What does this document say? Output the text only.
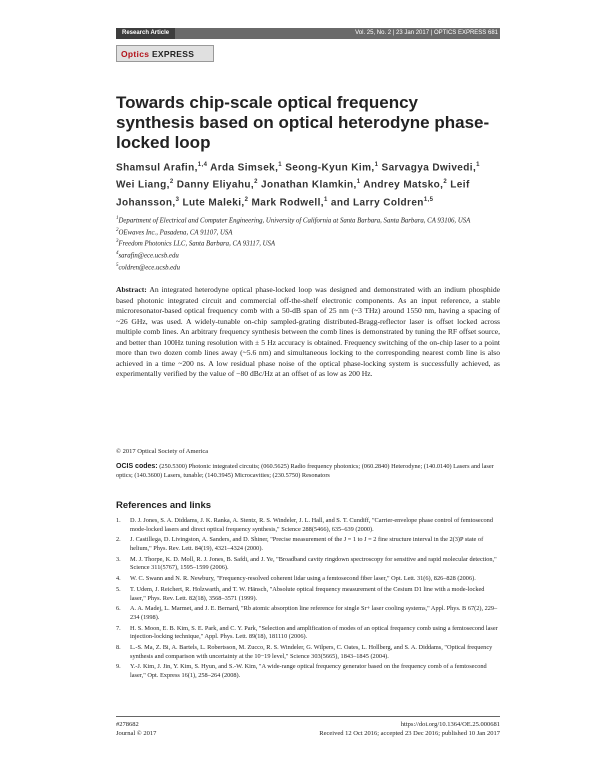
Research Article	Vol. 25, No. 2 | 23 Jan 2017 | OPTICS EXPRESS 681
Optics EXPRESS
Towards chip-scale optical frequency synthesis based on optical heterodyne phase-locked loop
Shamsul Arafin,$^{1,4}$ Arda Simsek,$^1$ Seong-Kyun Kim,$^1$ Sarvagya Dwivedi,$^1$ Wei Liang,$^2$ Danny Eliyahu,$^2$ Jonathan Klamkin,$^1$ Andrey Matsko,$^2$ Leif Johansson,$^3$ Lute Maleki,$^2$ Mark Rodwell,$^1$ and Larry Coldren$^{1,5}$
$^1$Department of Electrical and Computer Engineering, University of California at Santa Barbara, Santa Barbara, CA 93106, USA
$^2$OEwaves Inc., Pasadena, CA 91107, USA
$^3$Freedom Photonics LLC, Santa Barbara, CA 93117, USA
$^4$sarafin@ece.ucsb.edu
$^5$coldren@ece.ucsb.edu
Abstract: An integrated heterodyne optical phase-locked loop was designed and demonstrated with an indium phosphide based photonic integrated circuit and commercial off-the-shelf electronic components. As an input reference, a stable microresonator-based optical frequency comb with a 50-dB span of 25 nm (~3 THz) around 1550 nm, having a spacing of ~26 GHz, was used. A widely-tunable on-chip sampled-grating distributed-Bragg-reflector laser is offset locked across multiple comb lines. An arbitrary frequency synthesis between the comb lines is demonstrated by tuning the RF offset source, and better than 100Hz tuning resolution with ± 5 Hz accuracy is obtained. Frequency switching of the on-chip laser to a point more than two dozen comb lines away (~5.6 nm) and simultaneous locking to the corresponding nearest comb line is also achieved in a time ~200 ns. A low residual phase noise of the optical phase-locking system is successfully achieved, as experimentally verified by the value of −80 dBc/Hz at an offset of as low as 200 Hz.
© 2017 Optical Society of America
OCIS codes: (250.5300) Photonic integrated circuits; (060.5625) Radio frequency photonics; (060.2840) Heterodyne; (140.0140) Lasers and laser optics; (140.3600) Lasers, tunable; (140.3945) Microcavities; (230.5750) Resonators
References and links
1.	D. J. Jones, S. A. Diddams, J. K. Ranka, A. Stentz, R. S. Windeler, J. L. Hall, and S. T. Cundiff, "Carrier-envelope phase control of femtosecond mode-locked lasers and direct optical frequency synthesis," Science 288(5466), 635–639 (2000).
2.	J. Castillega, D. Livingston, A. Sanders, and D. Shiner, "Precise measurement of the J = 1 to J = 2 fine structure interval in the 2(3)P state of helium," Phys. Rev. Lett. 84(19), 4321–4324 (2000).
3.	M. J. Thorpe, K. D. Moll, R. J. Jones, B. Safdi, and J. Ye, "Broadband cavity ringdown spectroscopy for sensitive and rapid molecular detection," Science 311(5767), 1595–1599 (2006).
4.	W. C. Swann and N. R. Newbury, "Frequency-resolved coherent lidar using a femtosecond fiber laser," Opt. Lett. 31(6), 826–828 (2006).
5.	T. Udem, J. Reichert, R. Holzwarth, and T. W. Hänsch, "Absolute optical frequency measurement of the Cesium D1 line with a mode-locked laser," Phys. Rev. Lett. 82(18), 3568–3571 (1999).
6.	A. A. Madej, L. Marmet, and J. E. Bernard, "Rb atomic absorption line reference for single Sr+ laser cooling systems," Appl. Phys. B 67(2), 229–234 (1998).
7.	H. S. Moon, E. B. Kim, S. E. Park, and C. Y. Park, "Selection and amplification of modes of an optical frequency comb using a femtosecond laser injection-locking technique," Appl. Phys. Lett. 89(18), 181110 (2006).
8.	L.-S. Ma, Z. Bi, A. Bartels, L. Robertsson, M. Zucco, R. S. Windeler, G. Wilpers, C. Oates, L. Hollberg, and S. A. Diddams, "Optical frequency synthesis and comparison with uncertainty at the 10−19 level," Science 303(5665), 1843–1845 (2004).
9.	Y.-J. Kim, J. Jin, Y. Kim, S. Hyun, and S.-W. Kim, "A wide-range optical frequency generator based on the frequency comb of a femtosecond laser," Opt. Express 16(1), 258–264 (2008).
#278682
Journal © 2017
https://doi.org/10.1364/OE.25.000681
Received 12 Oct 2016; accepted 23 Dec 2016; published 10 Jan 2017
